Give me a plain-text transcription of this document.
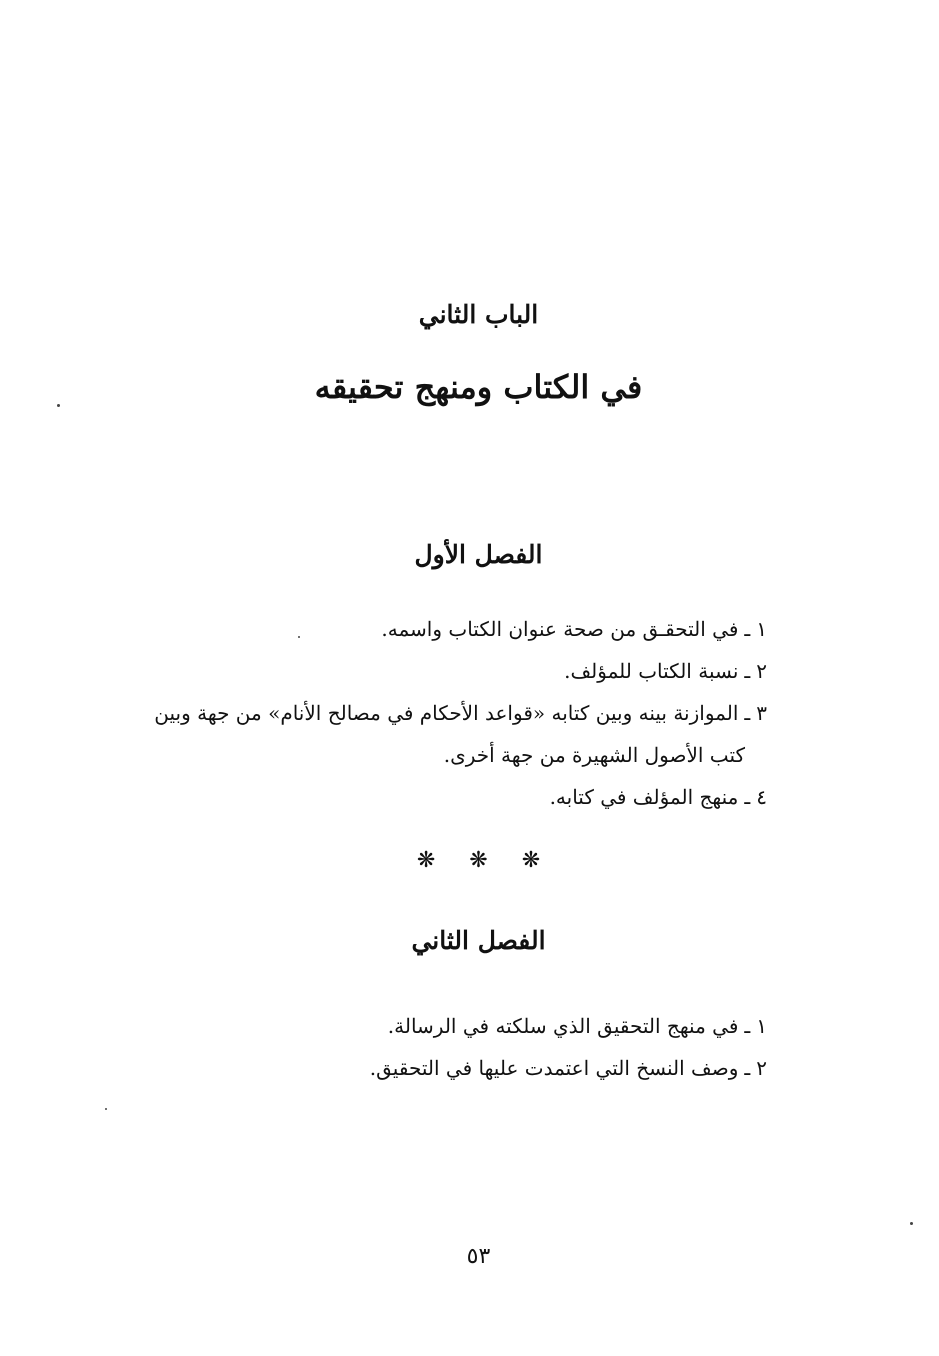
الباب الثاني
في الكتاب ومنهج تحقيقه
الفصل الأول
١ـفي التحقـق من صحة عنوان الكتاب واسمه.
٢ـنسبة الكتاب للمؤلف.
٣ـالموازنة بينه وبين كتابه «قواعد الأحكام في مصالح الأنام» من جهة وبين
كتب الأصول الشهيرة من جهة أخرى.
٤ـمنهج المؤلف في كتابه.
❋❋❋
الفصل الثاني
١ـفي منهج التحقيق الذي سلكته في الرسالة.
٢ـوصف النسخ التي اعتمدت عليها في التحقيق.
٥٣
